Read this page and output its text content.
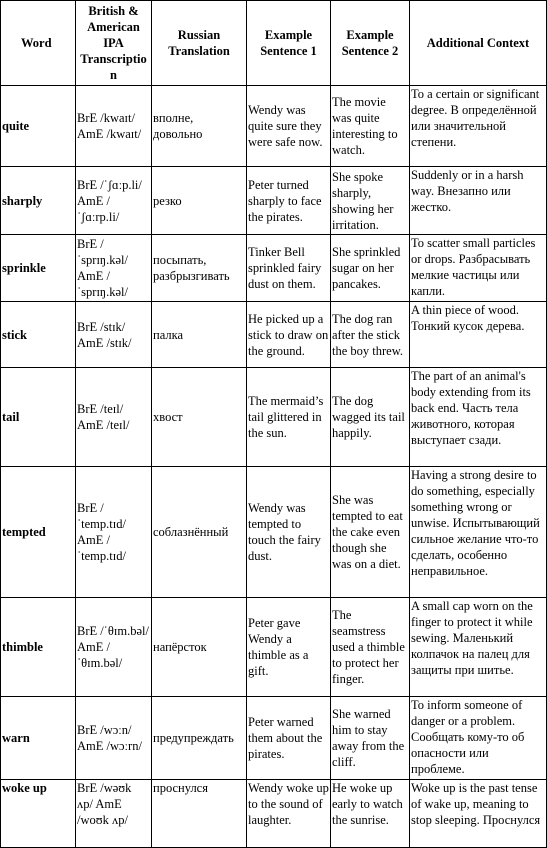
Word	British & American IPA Transcription	Russian Translation	Example Sentence 1	Example Sentence 2	Additional Context
quite	BrE /kwaɪt/ AmE /kwaɪt/	вполне, довольно	Wendy was quite sure they were safe now.	The movie was quite interesting to watch.	To a certain or significant degree. В определённой или значительной степени.
sharply	BrE /ˈʃɑːp.li/ AmE /ˈʃɑːrp.li/	резко	Peter turned sharply to face the pirates.	She spoke sharply, showing her irritation.	Suddenly or in a harsh way. Внезапно или жестко.
sprinkle	BrE /ˈsprɪŋ.kəl/ AmE /ˈsprɪŋ.kəl/	посыпать, разбрызгивать	Tinker Bell sprinkled fairy dust on them.	She sprinkled sugar on her pancakes.	To scatter small particles or drops. Разбрасывать мелкие частицы или капли.
stick	BrE /stɪk/ AmE /stɪk/	палка	He picked up a stick to draw on the ground.	The dog ran after the stick the boy threw.	A thin piece of wood. Тонкий кусок дерева.
tail	BrE /teɪl/ AmE /teɪl/	хвост	The mermaid’s tail glittered in the sun.	The dog wagged its tail happily.	The part of an animal's body extending from its back end. Часть тела животного, которая выступает сзади.
tempted	BrE /ˈtemp.tɪd/ AmE /ˈtemp.tɪd/	соблазнённый	Wendy was tempted to touch the fairy dust.	She was tempted to eat the cake even though she was on a diet.	Having a strong desire to do something, especially something wrong or unwise. Испытывающий сильное желание что-то сделать, особенно неправильное.
thimble	BrE /ˈθɪm.bəl/ AmE /ˈθɪm.bəl/	напёрсток	Peter gave Wendy a thimble as a gift.	The seamstress used a thimble to protect her finger.	A small cap worn on the finger to protect it while sewing. Маленький колпачок на палец для защиты при шитье.
warn	BrE /wɔːn/ AmE /wɔːrn/	предупреждать	Peter warned them about the pirates.	She warned him to stay away from the cliff.	To inform someone of danger or a problem. Сообщать кому-то об опасности или проблеме.
woke up	BrE /wəʊk ʌp/ AmE /woʊk ʌp/	проснулся	Wendy woke up to the sound of laughter.	He woke up early to watch the sunrise.	Woke up is the past tense of wake up, meaning to stop sleeping. Проснулся
